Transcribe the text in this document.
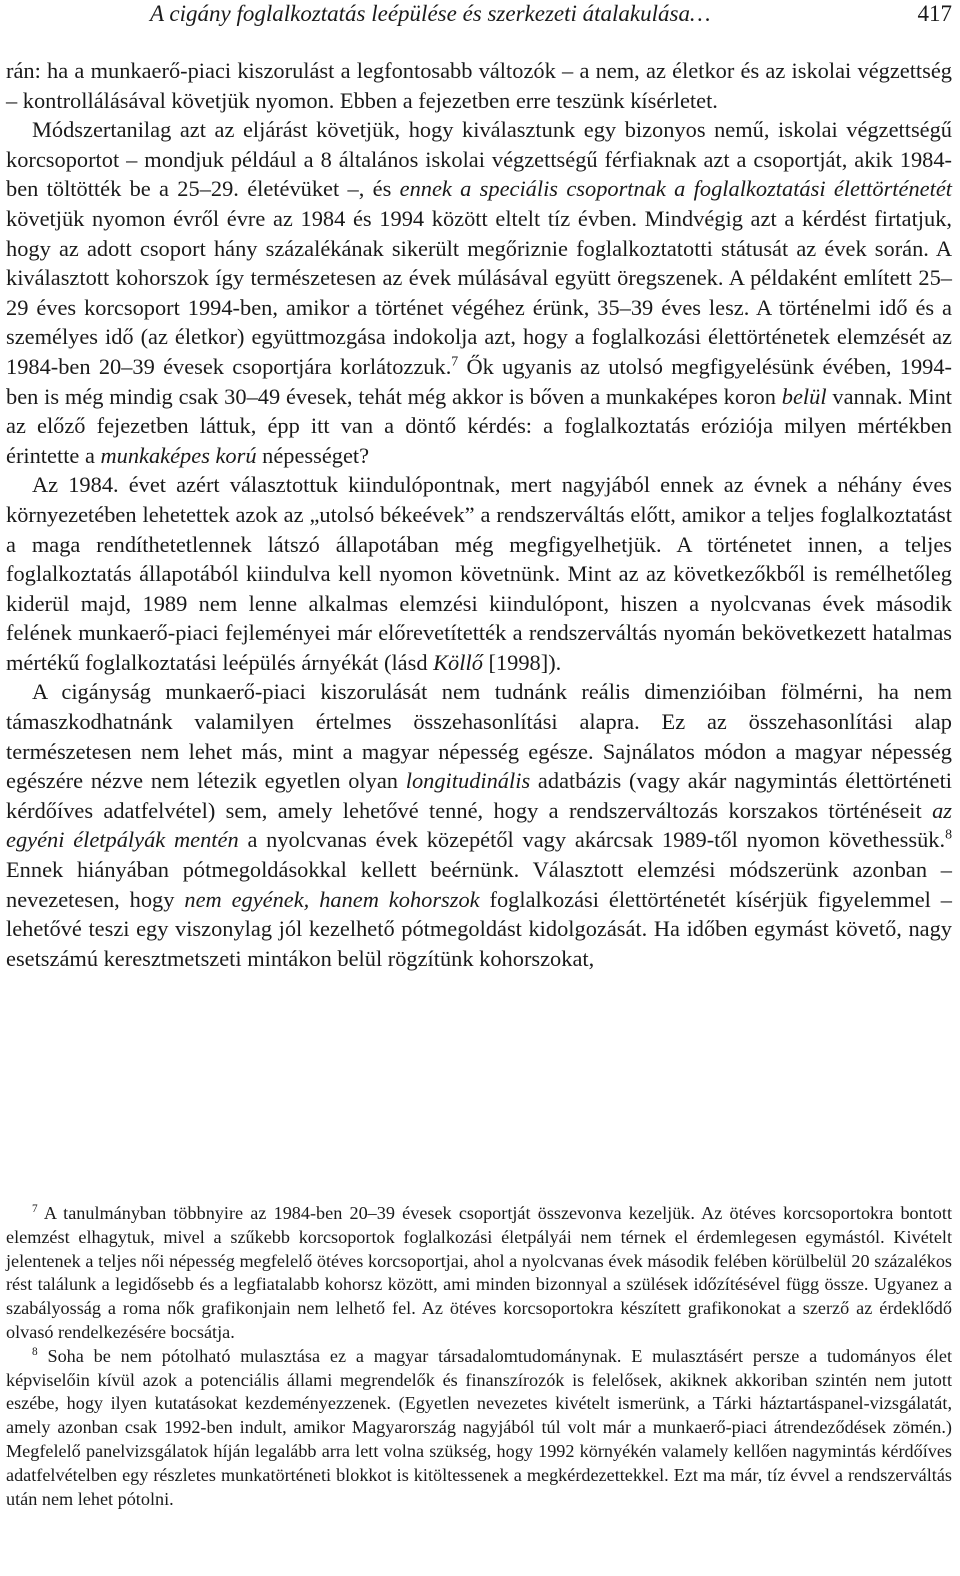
A cigány foglalkoztatás leépülése és szerkezeti átalakulása…	417

rán: ha a munkaerő-piaci kiszorulást a legfontosabb változók – a nem, az életkor és az iskolai végzettség – kontrollálásával követjük nyomon. Ebben a fejezetben erre teszünk kísérletet.

Módszertanilag azt az eljárást követjük, hogy kiválasztunk egy bizonyos nemű, iskolai végzettségű korcsoportot – mondjuk például a 8 általános iskolai végzettségű férfiaknak azt a csoportját, akik 1984-ben töltötték be a 25–29. életévüket –, és ennek a speciális csoportnak a foglalkoztatási élettörténetét követjük nyomon évről évre az 1984 és 1994 között eltelt tíz évben. Mindvégig azt a kérdést firtatjuk, hogy az adott csoport hány százalékának sikerült megőriznie foglalkoztatotti státusát az évek során. A kiválasztott kohorszok így természetesen az évek múlásával együtt öregszenek. A példaként említett 25–29 éves korcsoport 1994-ben, amikor a történet végéhez érünk, 35–39 éves lesz. A történelmi idő és a személyes idő (az életkor) együttmozgása indokolja azt, hogy a foglalkozási élettörténetek elemzését az 1984-ben 20–39 évesek csoportjára korlátozzuk.$^7$ Ők ugyanis az utolsó megfigyelésünk évében, 1994-ben is még mindig csak 30–49 évesek, tehát még akkor is bőven a munkaképes koron belül vannak. Mint az előző fejezetben láttuk, épp itt van a döntő kérdés: a foglalkoztatás eróziója milyen mértékben érintette a munkaképes korú népességet?

Az 1984. évet azért választottuk kiindulópontnak, mert nagyjából ennek az évnek a néhány éves környezetében lehetettek azok az „utolsó békeévek” a rendszerváltás előtt, amikor a teljes foglalkoztatást a maga rendíthetetlennek látszó állapotában még megfigyelhetjük. A történetet innen, a teljes foglalkoztatás állapotából kiindulva kell nyomon követnünk. Mint az az következőkből is remélhetőleg kiderül majd, 1989 nem lenne alkalmas elemzési kiindulópont, hiszen a nyolcvanas évek második felének munkaerő-piaci fejleményei már előrevetítették a rendszerváltás nyomán bekövetkezett hatalmas mértékű foglalkoztatási leépülés árnyékát (lásd Köllő [1998]).

A cigányság munkaerő-piaci kiszorulását nem tudnánk reális dimenzióiban fölmérni, ha nem támaszkodhatnánk valamilyen értelmes összehasonlítási alapra. Ez az összehasonlítási alap természetesen nem lehet más, mint a magyar népesség egésze. Sajnálatos módon a magyar népesség egészére nézve nem létezik egyetlen olyan longitudinális adatbázis (vagy akár nagymintás élettörténeti kérdőíves adatfelvétel) sem, amely lehetővé tenné, hogy a rendszerváltozás korszakos történéseit az egyéni életpályák mentén a nyolcvanas évek közepétől vagy akárcsak 1989-től nyomon követhessük.$^8$ Ennek hiányában pótmegoldásokkal kellett beérnünk. Választott elemzési módszerünk azonban – nevezetesen, hogy nem egyének, hanem kohorszok foglalkozási élettörténetét kísérjük figyelemmel – lehetővé teszi egy viszonylag jól kezelhető pótmegoldást kidolgozását. Ha időben egymást követő, nagy esetszámú keresztmetszeti mintákon belül rögzítünk kohorszokat,

$^7$ A tanulmányban többnyire az 1984-ben 20–39 évesek csoportját összevonva kezeljük. Az ötéves korcsoportokra bontott elemzést elhagytuk, mivel a szűkebb korcsoportok foglalkozási életpályái nem térnek el érdemlegesen egymástól. Kivételt jelentenek a teljes női népesség megfelelő ötéves korcsoportjai, ahol a nyolcvanas évek második felében körülbelül 20 százalékos rést találunk a legidősebb és a legfiatalabb kohorsz között, ami minden bizonnyal a szülések időzítésével függ össze. Ugyanez a szabályosság a roma nők grafikonjain nem lelhető fel. Az ötéves korcsoportokra készített grafikonokat a szerző az érdeklődő olvasó rendelkezésére bocsátja.

$^8$ Soha be nem pótolható mulasztása ez a magyar társadalomtudománynak. E mulasztásért persze a tudományos élet képviselőin kívül azok a potenciális állami megrendelők és finanszírozók is felelősek, akiknek akkoriban szintén nem jutott eszébe, hogy ilyen kutatásokat kezdeményezzenek. (Egyetlen nevezetes kivételt ismerünk, a Tárki háztartáspanel-vizsgálatát, amely azonban csak 1992-ben indult, amikor Magyarország nagyjából túl volt már a munkaerő-piaci átrendeződések zömén.) Megfelelő panelvizsgálatok híján legalább arra lett volna szükség, hogy 1992 környékén valamely kellően nagymintás kérdőíves adatfelvételben egy részletes munkatörténeti blokkot is kitöltessenek a megkérdezettekkel. Ezt ma már, tíz évvel a rendszerváltás után nem lehet pótolni.
